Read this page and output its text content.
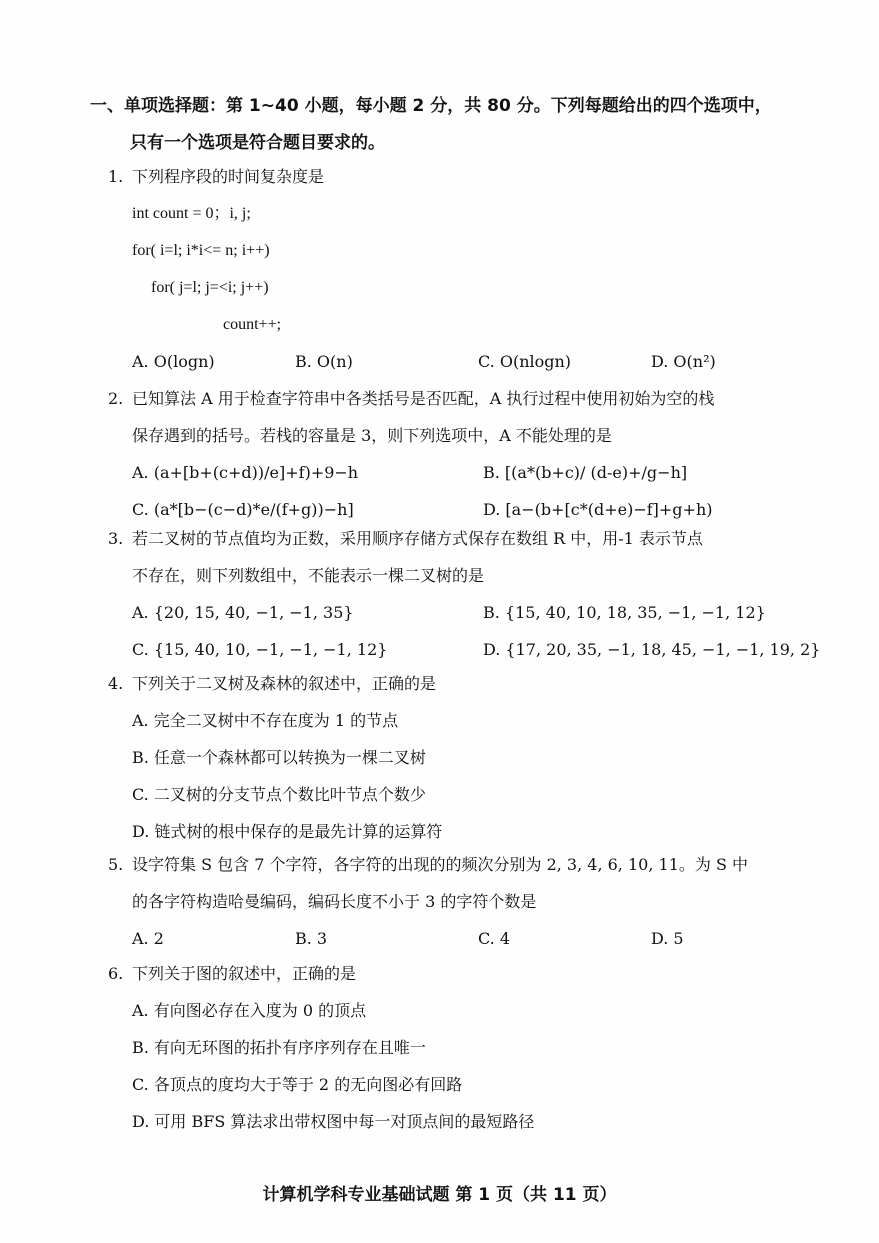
一、单项选择题：第 1~40 小题，每小题 2 分，共 80 分。下列每题给出的四个选项中，
只有一个选项是符合题目要求的。
1. 下列程序段的时间复杂度是
int count = 0；i, j;
for( i=l; i*i<= n; i++)
for( j=l; j=<i; j++)
count++;
A. O(logn)	B. O(n)	C. O(nlogn)	D. O(n²)
2. 已知算法 A 用于检查字符串中各类括号是否匹配，A 执行过程中使用初始为空的栈
保存遇到的括号。若栈的容量是 3，则下列选项中，A 不能处理的是
A. (a+[b+(c+d))/e]+f)+9−h	B. [(a*(b+c)/ (d-e)+/g−h]
C. (a*[b−(c−d)*e/(f+g))−h]	D. [a−(b+[c*(d+e)−f]+g+h)
3. 若二叉树的节点值均为正数，采用顺序存储方式保存在数组 R 中，用-1 表示节点
不存在，则下列数组中，不能表示一棵二叉树的是
A. {20, 15, 40, −1, −1, 35}	B. {15, 40, 10, 18, 35, −1, −1, 12}
C. {15, 40, 10, −1, −1, −1, 12}	D. {17, 20, 35, −1, 18, 45, −1, −1, 19, 2}
4. 下列关于二叉树及森林的叙述中，正确的是
A. 完全二叉树中不存在度为 1 的节点
B. 任意一个森林都可以转换为一棵二叉树
C. 二叉树的分支节点个数比叶节点个数少
D. 链式树的根中保存的是最先计算的运算符
5. 设字符集 S 包含 7 个字符，各字符的出现的的频次分别为 2, 3, 4, 6, 10, 11。为 S 中
的各字符构造哈曼编码，编码长度不小于 3 的字符个数是
A. 2	B. 3	C. 4	D. 5
6. 下列关于图的叙述中，正确的是
A. 有向图必存在入度为 0 的顶点
B. 有向无环图的拓扑有序序列存在且唯一
C. 各顶点的度均大于等于 2 的无向图必有回路
D. 可用 BFS 算法求出带权图中每一对顶点间的最短路径
计算机学科专业基础试题 第 1 页（共 11 页）
